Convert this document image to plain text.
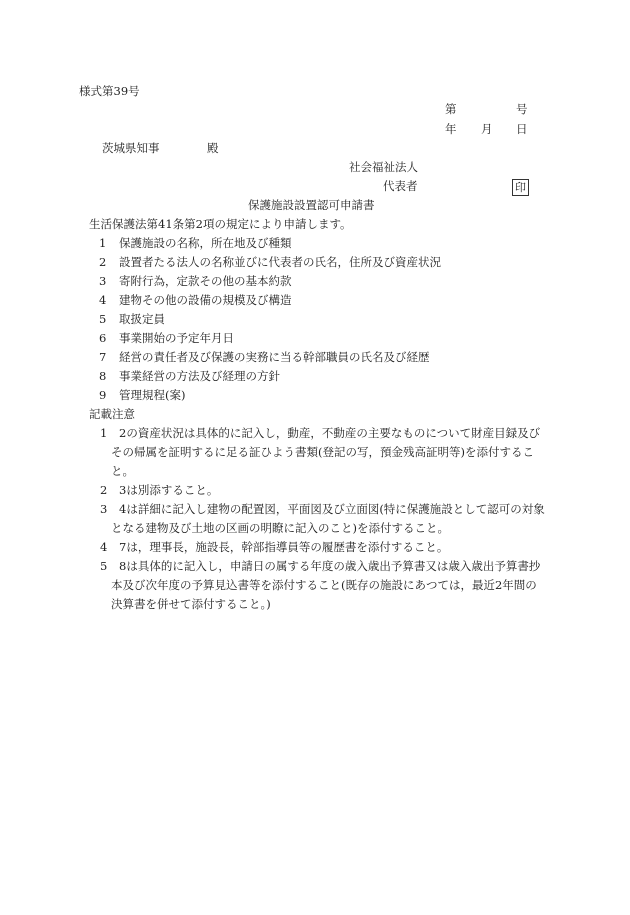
様式第39号

第	号

年 月 日

茨城県知事	殿

社会福祉法人

代表者	印

保護施設設置認可申請書

生活保護法第41条第2項の規定により申請します。

1 保護施設の名称，所在地及び種類
2 設置者たる法人の名称並びに代表者の氏名，住所及び資産状況
3 寄附行為，定款その他の基本約款
4 建物その他の設備の規模及び構造
5 取扱定員
6 事業開始の予定年月日
7 経営の責任者及び保護の実務に当る幹部職員の氏名及び経歴
8 事業経営の方法及び経理の方針
9 管理規程(案)

記載注意

1 2の資産状況は具体的に記入し，動産，不動産の主要なものについて財産目録及び
その帰属を証明するに足る証ひよう書類(登記の写，預金残高証明等)を添付するこ
と。
2 3は別添すること。
3 4は詳細に記入し建物の配置図，平面図及び立面図(特に保護施設として認可の対象
となる建物及び土地の区画の明瞭に記入のこと)を添付すること。
4 7は，理事長，施設長，幹部指導員等の履歴書を添付すること。
5 8は具体的に記入し，申請日の属する年度の歳入歳出予算書又は歳入歳出予算書抄
本及び次年度の予算見込書等を添付すること(既存の施設にあつては，最近2年間の
決算書を併せて添付すること。)
